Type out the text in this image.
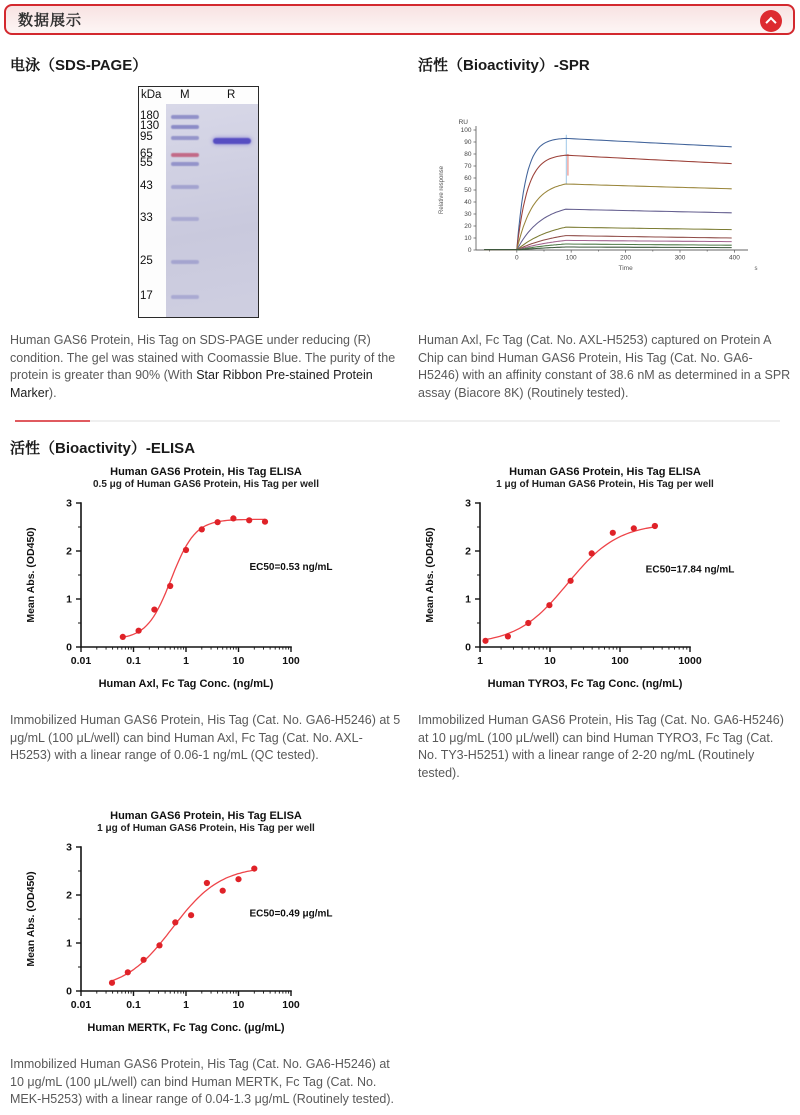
数据展示
电泳（SDS-PAGE）
kDa M	R
180
130
95
65
55
43
33
25
17

Human GAS6 Protein, His Tag on SDS-PAGE under reducing (R) condition. The gel was stained with Coomassie Blue. The purity of the protein is greater than 90% (With Star Ribbon Pre-stained Protein Marker).

活性（Bioactivity）-SPR
0
10
20
30
40
50
60
70
80
90
100
0	100	200	300	400
RU
Time	s
Relative response

Human Axl, Fc Tag (Cat. No. AXL-H5253) captured on Protein A Chip can bind Human GAS6 Protein, His Tag (Cat. No. GA6-H5246) with an affinity constant of 38.6 nM as determined in a SPR assay (Biacore 8K) (Routinely tested).

活性（Bioactivity）-ELISA
Human GAS6 Protein, His Tag ELISA
0.5 μg of Human GAS6 Protein, His Tag per well
0
1
2
3
0.01	0.1	1	10	100
EC50=0.53 ng/mL
Mean Abs. (OD450)
Human Axl, Fc Tag Conc. (ng/mL)
Human GAS6 Protein, His Tag ELISA
1 μg of Human GAS6 Protein, His Tag per well
0
1
2
3
1	10	100	1000
EC50=17.84 ng/mL
Mean Abs. (OD450)
Human TYRO3, Fc Tag Conc. (ng/mL)

Immobilized Human GAS6 Protein, His Tag (Cat. No. GA6-H5246) at 5 μg/mL (100 μL/well) can bind Human Axl, Fc Tag (Cat. No. AXL-H5253) with a linear range of 0.06-1 ng/mL (QC tested).

Immobilized Human GAS6 Protein, His Tag (Cat. No. GA6-H5246) at 10 μg/mL (100 μL/well) can bind Human TYRO3, Fc Tag (Cat. No. TY3-H5251) with a linear range of 2-20 ng/mL (Routinely tested).

Human GAS6 Protein, His Tag ELISA
1 μg of Human GAS6 Protein, His Tag per well
0
1
2
3
0.01	0.1	1	10	100
EC50=0.49 μg/mL
Mean Abs. (OD450)
Human MERTK, Fc Tag Conc. (μg/mL)

Immobilized Human GAS6 Protein, His Tag (Cat. No. GA6-H5246) at 10 μg/mL (100 μL/well) can bind Human MERTK, Fc Tag (Cat. No. MEK-H5253) with a linear range of 0.04-1.3 μg/mL (Routinely tested).
